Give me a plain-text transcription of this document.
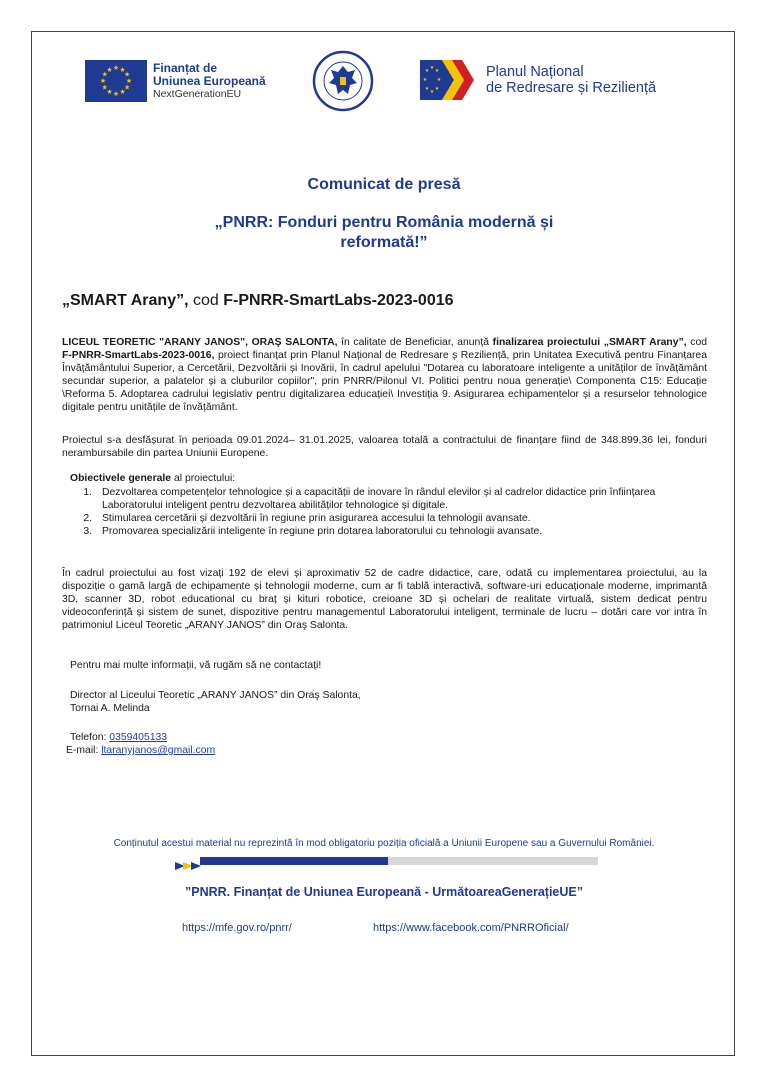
★ ★
★
★
★
★
★
★
★
★
★
★	Finanțat de
Uniunea Europeană
NextGenerationEU
★ ★
★
★
★
★
★
★	Planul Național
de Redresare și Reziliență
Comunicat de presă
„PNRR: Fonduri pentru România modernă și
reformată!”
„SMART Arany”, cod F-PNRR-SmartLabs-2023-0016
LICEUL TEORETIC "ARANY JANOS", ORAŞ SALONTA, în calitate de Beneficiar, anunță finalizarea proiectului „SMART Arany”, cod F-PNRR-SmartLabs-2023-0016, proiect finanțat prin Planul Național de Redresare ș Reziliență, prin Unitatea Executivă pentru Finanțarea Învățământului Superior, a Cercetării, Dezvoltării și Inovării, în cadrul apelului "Dotarea cu laboratoare inteligente a unităților de învățământ secundar superior, a palatelor și a cluburilor copiilor", prin PNRR/Pilonul VI. Politici pentru noua generație\ Componenta C15: Educație \Reforma 5. Adoptarea cadrului legislativ pentru digitalizarea educației\ Investiția 9. Asigurarea echipamentelor și a resurselor tehnologice digitale pentru unitățile de învățământ.
Proiectul s-a desfășurat în perioada 09.01.2024– 31.01.2025, valoarea totală a contractului de finanțare fiind de 348.899,36 lei, fonduri nerambursabile din partea Uniunii Europene.
Obiectivele generale al proiectului:
1. Dezvoltarea competențelor tehnologice și a capacității de inovare în rândul elevilor și al cadrelor didactice prin înființarea Laboratorului inteligent pentru dezvoltarea abilităților tehnologice și digitale.
2. Stimularea cercetării și dezvoltării în regiune prin asigurarea accesului la tehnologii avansate.
3. Promovarea specializării inteligente în regiune prin dotarea laboratorului cu tehnologii avansate.
În cadrul proiectului au fost vizați 192 de elevi și aproximativ 52 de cadre didactice, care, odată cu implementarea proiectului, au la dispoziție o gamă largă de echipamente și tehnologii moderne, cum ar fi tablă interactivă, software-uri educaționale moderne, imprimantă 3D, scanner 3D, robot educational cu braț și kituri robotice, creioane 3D și ochelari de realitate virtuală, sistem dedicat pentru videoconferință și sistem de sunet, dispozitive pentru managementul Laboratorului inteligent, terminale de lucru – dotări care vor intra în patrimoniul Liceul Teoretic „ARANY JANOS” din Oraş Salonta.
Pentru mai multe informații, vă rugăm să ne contactați!
Director al Liceului Teoretic „ARANY JANOS” din Oraş Salonta,
Tornai A. Melinda
Telefon: 0359405133
E-mail: ltaranyjanos@gmail.com
Conținutul acestui material nu reprezintă în mod obligatoriu poziția oficială a Uniunii Europene sau a Guvernului României.
”PNRR. Finanțat de Uniunea Europeană - UrmătoareaGenerațieUE”
https://mfe.gov.ro/pnrr/	https://www.facebook.com/PNRROficial/
